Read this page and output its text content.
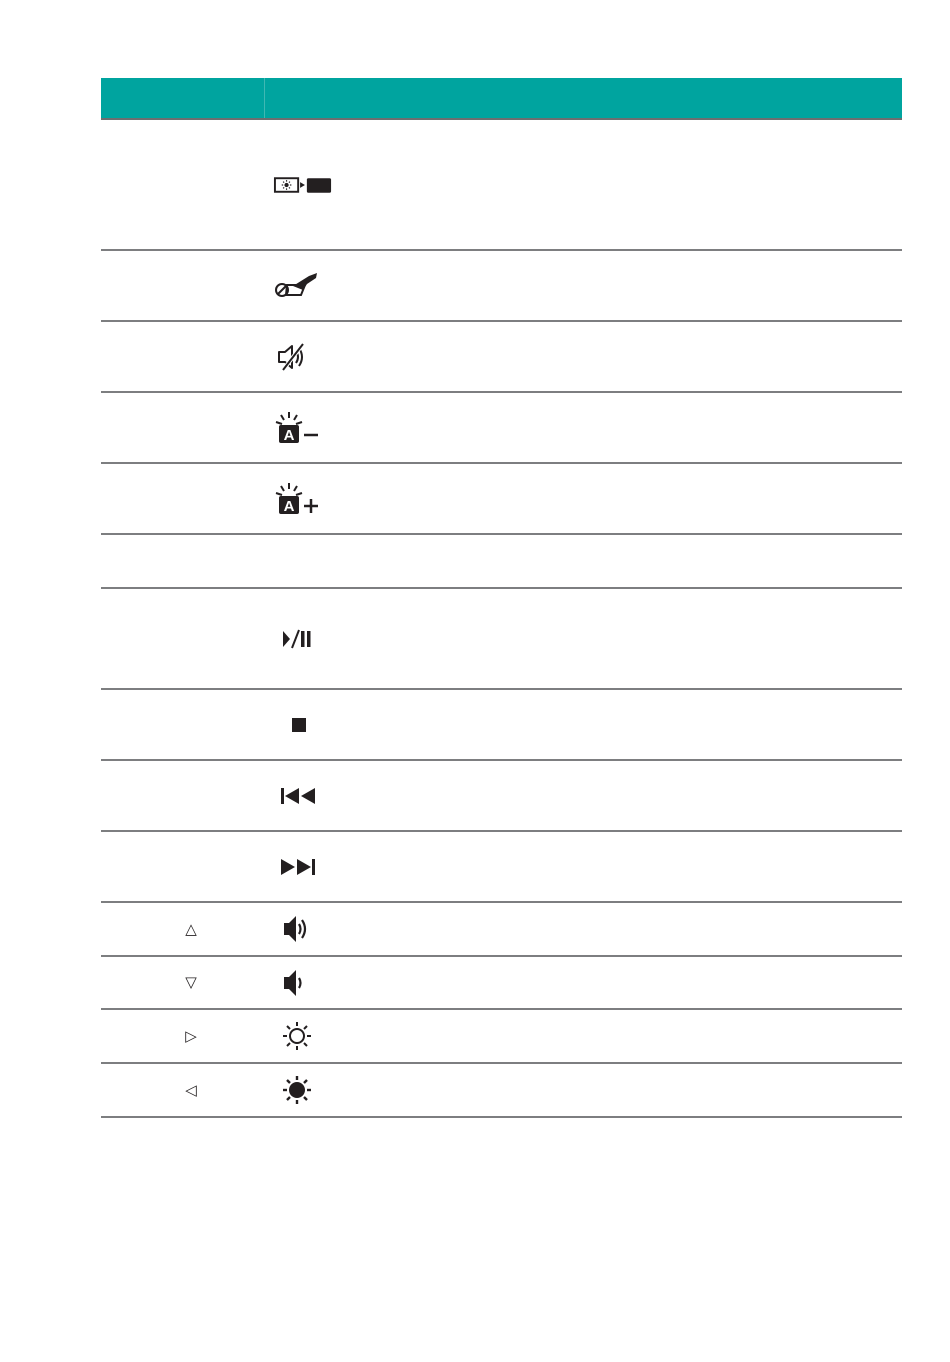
A
A
△
▽
▷
◁
